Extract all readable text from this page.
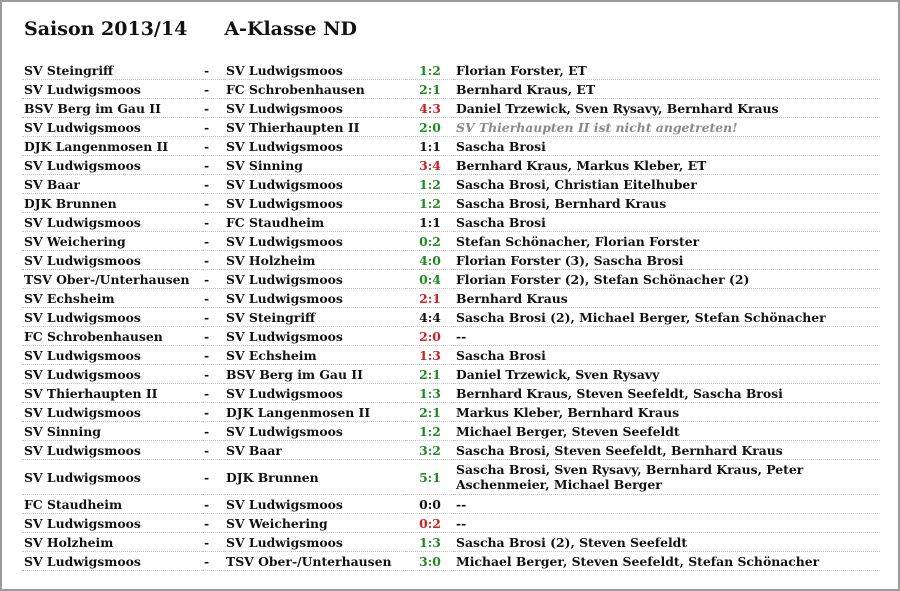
Saison 2013/14 A-Klasse ND
SV Steingriff	-	SV Ludwigsmoos	1:2	Florian Forster, ET
SV Ludwigsmoos	-	FC Schrobenhausen	2:1	Bernhard Kraus, ET
BSV Berg im Gau II	-	SV Ludwigsmoos	4:3	Daniel Trzewick, Sven Rysavy, Bernhard Kraus
SV Ludwigsmoos	-	SV Thierhaupten II	2:0	SV Thierhaupten II ist nicht angetreten!
DJK Langenmosen II	-	SV Ludwigsmoos	1:1	Sascha Brosi
SV Ludwigsmoos	-	SV Sinning	3:4	Bernhard Kraus, Markus Kleber, ET
SV Baar	-	SV Ludwigsmoos	1:2	Sascha Brosi, Christian Eitelhuber
DJK Brunnen	-	SV Ludwigsmoos	1:2	Sascha Brosi, Bernhard Kraus
SV Ludwigsmoos	-	FC Staudheim	1:1	Sascha Brosi
SV Weichering	-	SV Ludwigsmoos	0:2	Stefan Schönacher, Florian Forster
SV Ludwigsmoos	-	SV Holzheim	4:0	Florian Forster (3), Sascha Brosi
TSV Ober-/Unterhausen	-	SV Ludwigsmoos	0:4	Florian Forster (2), Stefan Schönacher (2)
SV Echsheim	-	SV Ludwigsmoos	2:1	Bernhard Kraus
SV Ludwigsmoos	-	SV Steingriff	4:4	Sascha Brosi (2), Michael Berger, Stefan Schönacher
FC Schrobenhausen	-	SV Ludwigsmoos	2:0	--
SV Ludwigsmoos	-	SV Echsheim	1:3	Sascha Brosi
SV Ludwigsmoos	-	BSV Berg im Gau II	2:1	Daniel Trzewick, Sven Rysavy
SV Thierhaupten II	-	SV Ludwigsmoos	1:3	Bernhard Kraus, Steven Seefeldt, Sascha Brosi
SV Ludwigsmoos	-	DJK Langenmosen II	2:1	Markus Kleber, Bernhard Kraus
SV Sinning	-	SV Ludwigsmoos	1:2	Michael Berger, Steven Seefeldt
SV Ludwigsmoos	-	SV Baar	3:2	Sascha Brosi, Steven Seefeldt, Bernhard Kraus
SV Ludwigsmoos	-	DJK Brunnen	5:1	Sascha Brosi, Sven Rysavy, Bernhard Kraus, Peter Aschenmeier, Michael Berger
FC Staudheim	-	SV Ludwigsmoos	0:0	--
SV Ludwigsmoos	-	SV Weichering	0:2	--
SV Holzheim	-	SV Ludwigsmoos	1:3	Sascha Brosi (2), Steven Seefeldt
SV Ludwigsmoos	-	TSV Ober-/Unterhausen	3:0	Michael Berger, Steven Seefeldt, Stefan Schönacher
